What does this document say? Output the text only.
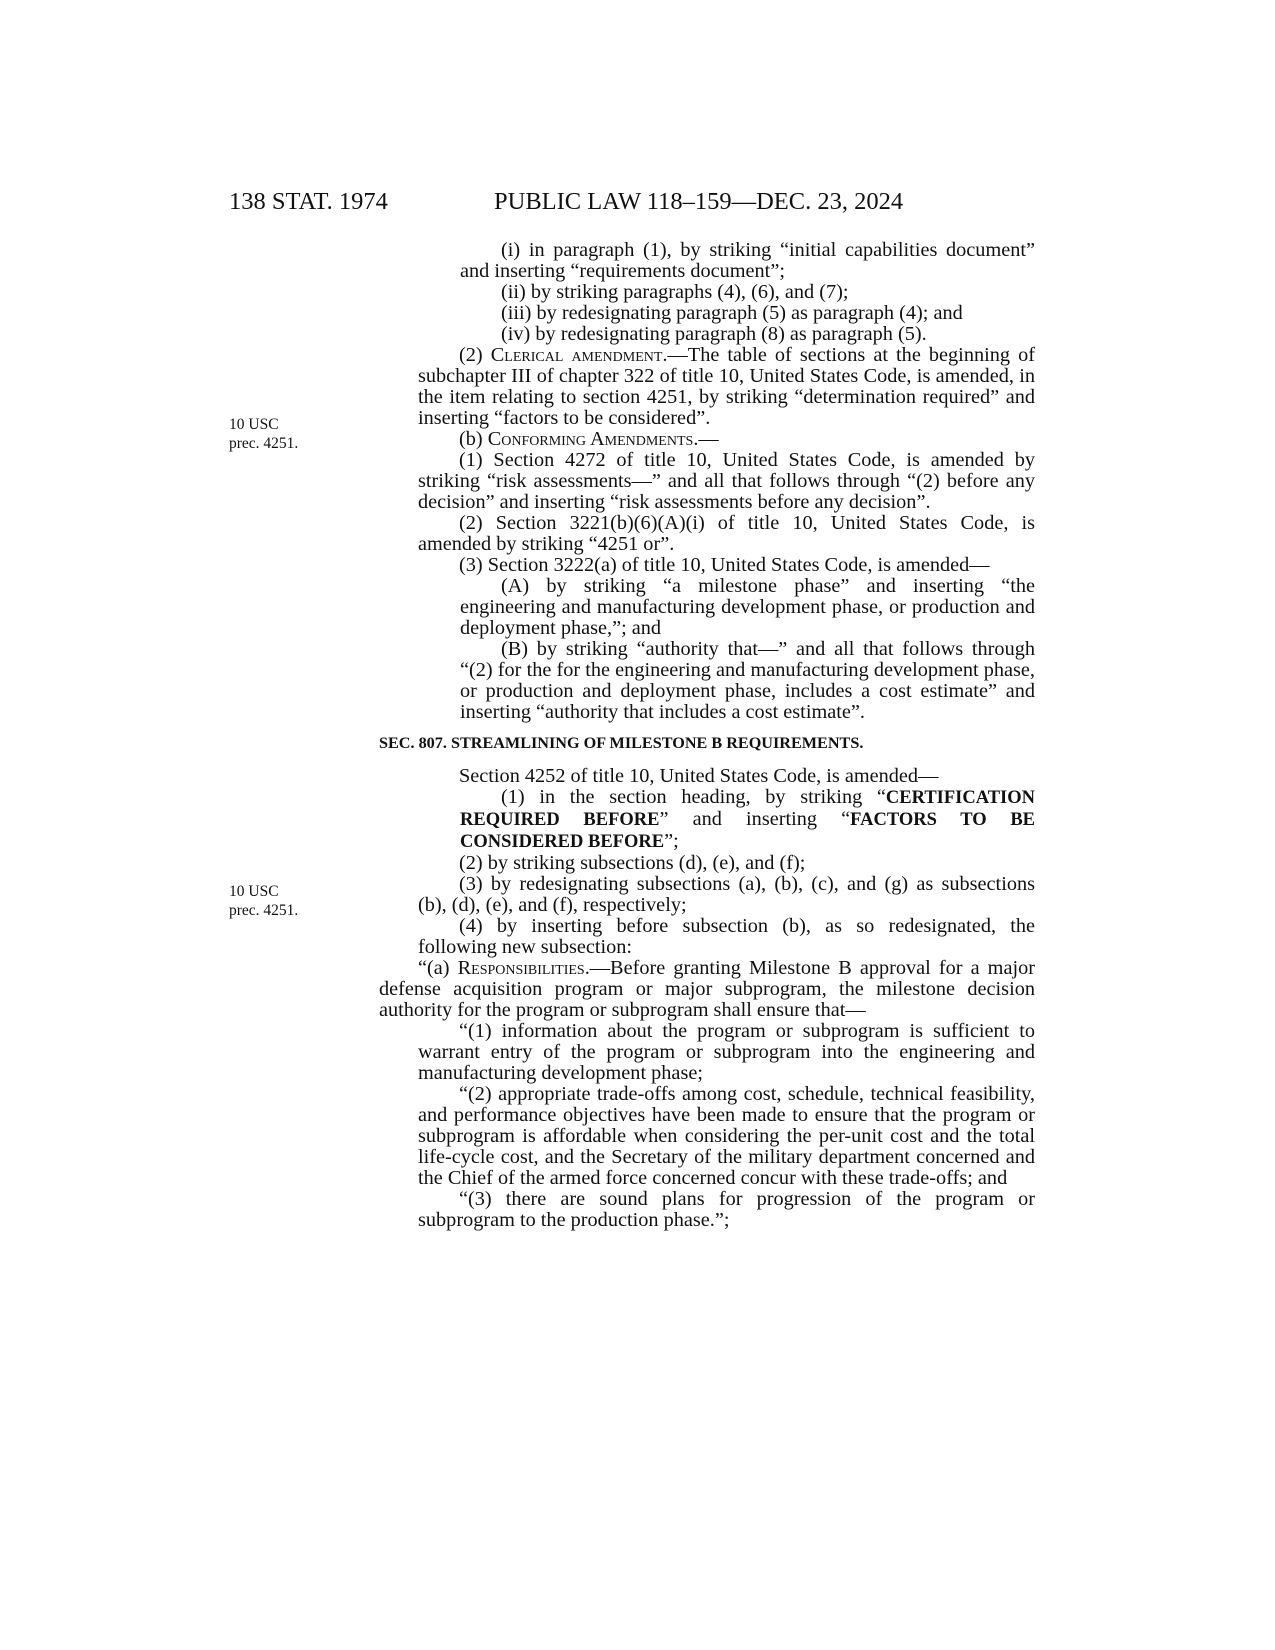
138 STAT. 1974	PUBLIC LAW 118–159—DEC. 23, 2024
10 USC
prec. 4251.
10 USC
prec. 4251.

(i) in paragraph (1), by striking “initial capabilities document” and inserting “requirements document”;

(ii) by striking paragraphs (4), (6), and (7);

(iii) by redesignating paragraph (5) as paragraph (4); and

(iv) by redesignating paragraph (8) as paragraph (5).

(2) Clerical amendment.—The table of sections at the beginning of subchapter III of chapter 322 of title 10, United States Code, is amended, in the item relating to section 4251, by striking “determination required” and inserting “factors to be considered”.

(b) Conforming Amendments.—

(1) Section 4272 of title 10, United States Code, is amended by striking “risk assessments—” and all that follows through “(2) before any decision” and inserting “risk assessments before any decision”.

(2) Section 3221(b)(6)(A)(i) of title 10, United States Code, is amended by striking “4251 or”.

(3) Section 3222(a) of title 10, United States Code, is amended—

(A) by striking “a milestone phase” and inserting “the engineering and manufacturing development phase, or production and deployment phase,”; and

(B) by striking “authority that—” and all that follows through “(2) for the for the engineering and manufacturing development phase, or production and deployment phase, includes a cost estimate” and inserting “authority that includes a cost estimate”.

SEC. 807. STREAMLINING OF MILESTONE B REQUIREMENTS.

Section 4252 of title 10, United States Code, is amended—

(1) in the section heading, by striking “CERTIFICATION REQUIRED BEFORE” and inserting “FACTORS TO BE CONSIDERED BEFORE”;

(2) by striking subsections (d), (e), and (f);

(3) by redesignating subsections (a), (b), (c), and (g) as subsections (b), (d), (e), and (f), respectively;

(4) by inserting before subsection (b), as so redesignated, the following new subsection:

“(a) Responsibilities.—Before granting Milestone B approval for a major defense acquisition program or major subprogram, the milestone decision authority for the program or subprogram shall ensure that—

“(1) information about the program or subprogram is sufficient to warrant entry of the program or subprogram into the engineering and manufacturing development phase;

“(2) appropriate trade-offs among cost, schedule, technical feasibility, and performance objectives have been made to ensure that the program or subprogram is affordable when considering the per-unit cost and the total life-cycle cost, and the Secretary of the military department concerned and the Chief of the armed force concerned concur with these trade-offs; and

“(3) there are sound plans for progression of the program or subprogram to the production phase.”;
